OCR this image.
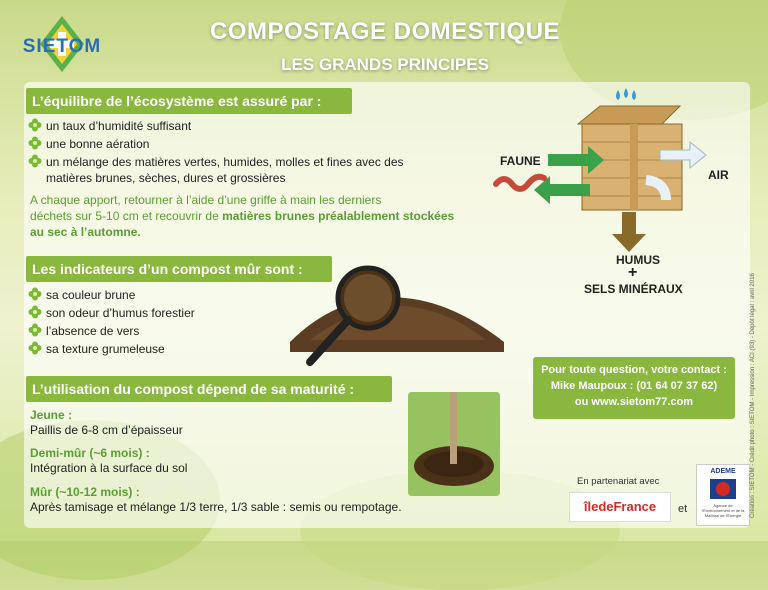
SIETOM
COMPOSTAGE DOMESTIQUE
LES GRANDS PRINCIPES
L’équilibre de l’écosystème est assuré par :
un taux d’humidité suffisant
une bonne aération
un mélange des matières vertes, humides, molles et fines avec des
matières brunes, sèches, dures et grossières
A chaque apport, retourner à l’aide d’une griffe à main les derniers
déchets sur 5-10 cm et recouvrir de matières brunes préalablement stockées
au sec à l’automne.
FAUNE
AIR
HUMUS
+
SELS MINÉRAUX
Les indicateurs d’un compost mûr sont :
sa couleur brune
son odeur d’humus forestier
l’absence de vers
sa texture grumeleuse
L’utilisation du compost dépend de sa maturité :
Jeune :
Paillis de 6-8 cm d’épaisseur
Demi-mûr (~6 mois) :
Intégration à la surface du sol
Mûr (~10-12 mois) :
Après tamisage et mélange 1/3 terre, 1/3 sable : semis ou rempotage.
Pour toute question, votre contact :
Mike Maupoux : (01 64 07 37 62)
ou www.sietom77.com
En partenariat avec
îledeFrance	et
ADEME
Agence de l'Environnement et de la Maîtrise de l'Energie	Création : SIETOM - Crédit photo : SIETOM - Impression : ACI (93) - Dépôt légal : avril 2016
